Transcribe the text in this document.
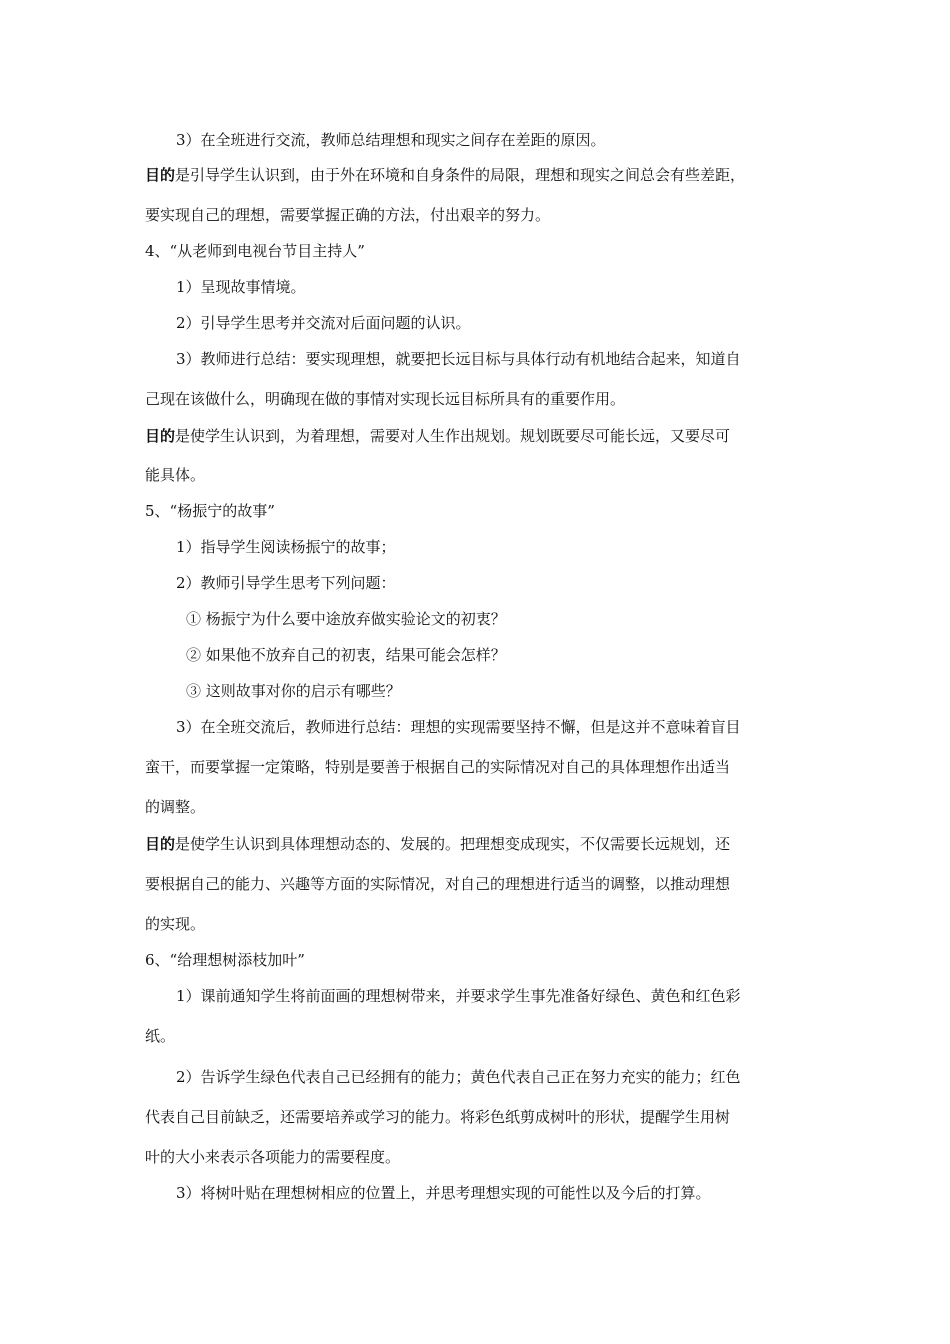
3）在全班进行交流，教师总结理想和现实之间存在差距的原因。
目的是引导学生认识到，由于外在环境和自身条件的局限，理想和现实之间总会有些差距，
要实现自己的理想，需要掌握正确的方法，付出艰辛的努力。
4、“从老师到电视台节目主持人”
1）呈现故事情境。
2）引导学生思考并交流对后面问题的认识。
3）教师进行总结：要实现理想，就要把长远目标与具体行动有机地结合起来，知道自
己现在该做什么，明确现在做的事情对实现长远目标所具有的重要作用。
目的是使学生认识到，为着理想，需要对人生作出规划。规划既要尽可能长远，又要尽可
能具体。
5、“杨振宁的故事”
1）指导学生阅读杨振宁的故事；
2）教师引导学生思考下列问题：
① 杨振宁为什么要中途放弃做实验论文的初衷？
② 如果他不放弃自己的初衷，结果可能会怎样？
③ 这则故事对你的启示有哪些？
3）在全班交流后，教师进行总结：理想的实现需要坚持不懈，但是这并不意味着盲目
蛮干，而要掌握一定策略，特别是要善于根据自己的实际情况对自己的具体理想作出适当
的调整。
目的是使学生认识到具体理想动态的、发展的。把理想变成现实，不仅需要长远规划，还
要根据自己的能力、兴趣等方面的实际情况，对自己的理想进行适当的调整，以推动理想
的实现。
6、“给理想树添枝加叶”
1）课前通知学生将前面画的理想树带来，并要求学生事先准备好绿色、黄色和红色彩
纸。
2）告诉学生绿色代表自己已经拥有的能力；黄色代表自己正在努力充实的能力；红色
代表自己目前缺乏，还需要培养或学习的能力。将彩色纸剪成树叶的形状，提醒学生用树
叶的大小来表示各项能力的需要程度。
3）将树叶贴在理想树相应的位置上，并思考理想实现的可能性以及今后的打算。
